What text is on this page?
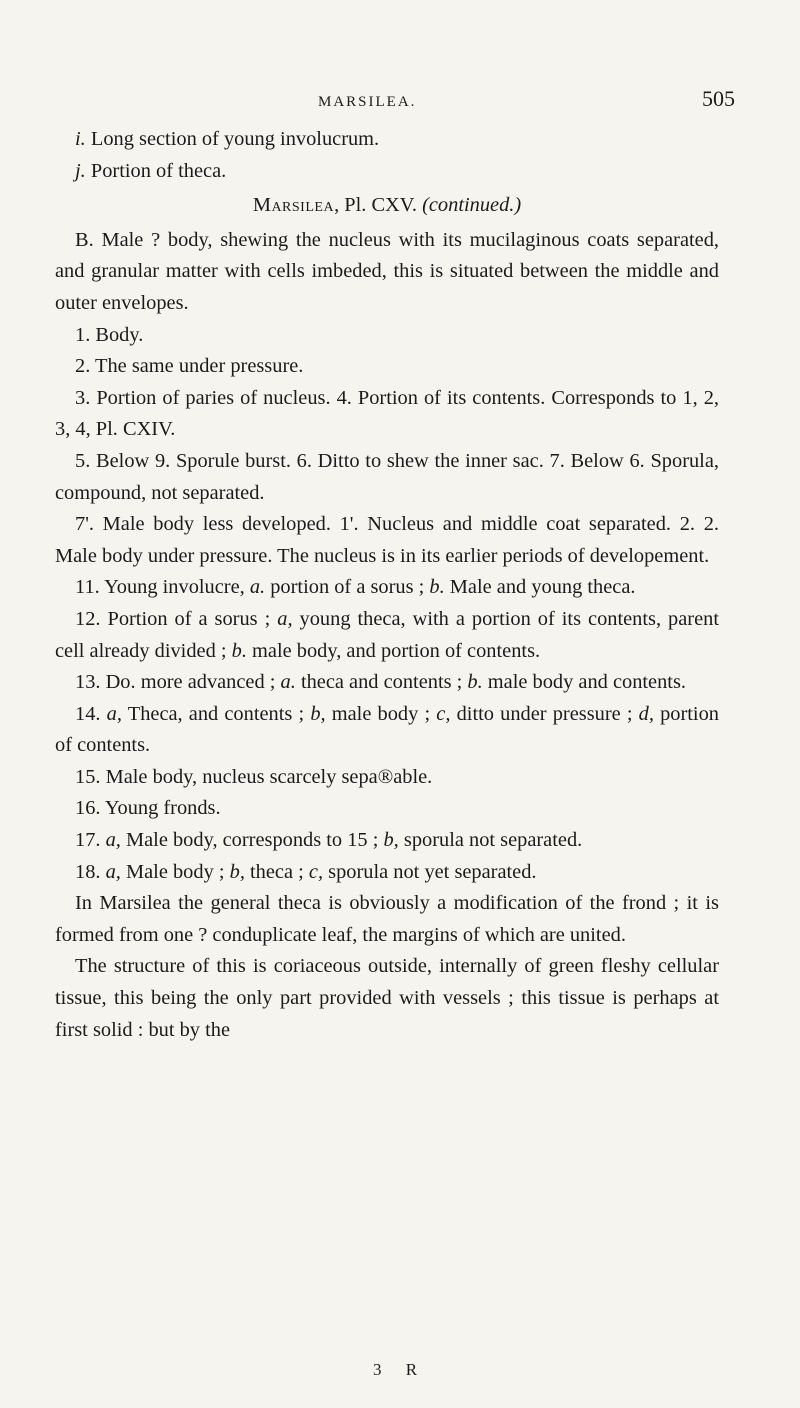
MARSILEA.	505

i. Long section of young involucrum.

j. Portion of theca.

Marsilea, Pl. CXV. (continued.)

B. Male ? body, shewing the nucleus with its mucilaginous coats separated, and granular matter with cells imbeded, this is situated between the middle and outer envelopes.

1. Body.

2. The same under pressure.

3. Portion of paries of nucleus. 4. Portion of its contents. Corresponds to 1, 2, 3, 4, Pl. CXIV.

5. Below 9. Sporule burst. 6. Ditto to shew the inner sac. 7. Below 6. Sporula, compound, not separated.

7'. Male body less developed. 1'. Nucleus and middle coat separated. 2. 2. Male body under pressure. The nucleus is in its earlier periods of developement.

11. Young involucre, a. portion of a sorus ; b. Male and young theca.

12. Portion of a sorus ; a, young theca, with a portion of its contents, parent cell already divided ; b. male body, and portion of contents.

13. Do. more advanced ; a. theca and contents ; b. male body and contents.

14. a, Theca, and contents ; b, male body ; c, ditto under pressure ; d, portion of contents.

15. Male body, nucleus scarcely sepa®able.

16. Young fronds.

17. a, Male body, corresponds to 15 ; b, sporula not separated.

18. a, Male body ; b, theca ; c, sporula not yet separated.

In Marsilea the general theca is obviously a modification of the frond ; it is formed from one ? conduplicate leaf, the margins of which are united.

The structure of this is coriaceous outside, internally of green fleshy cellular tissue, this being the only part provided with vessels ; this tissue is perhaps at first solid : but by the

3 R
